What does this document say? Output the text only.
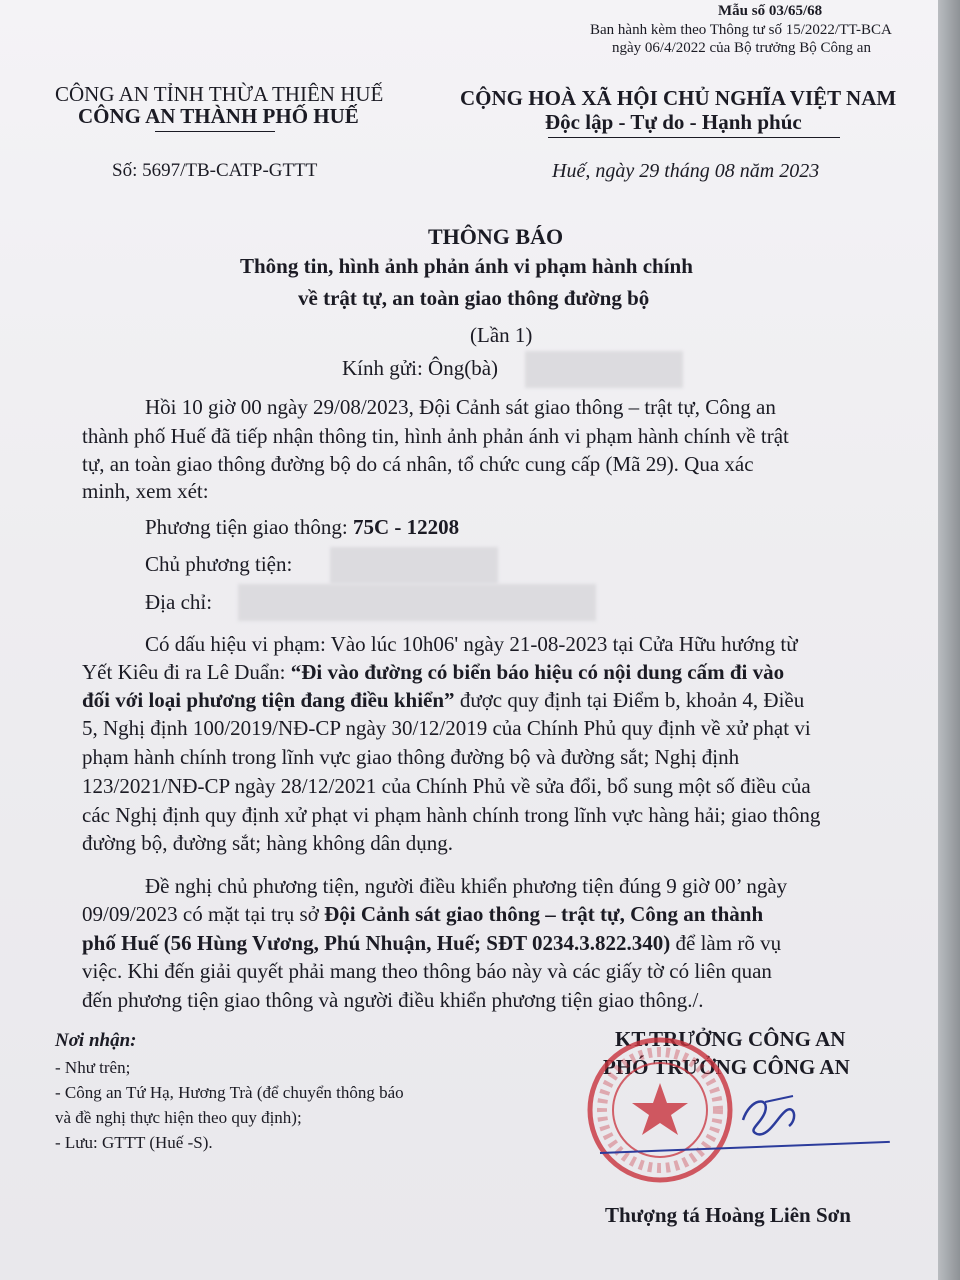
Mẫu số 03/65/68
Ban hành kèm theo Thông tư số 15/2022/TT-BCA
ngày 06/4/2022 của Bộ trưởng Bộ Công an
CÔNG AN TỈNH THỪA THIÊN HUẾ
CÔNG AN THÀNH PHỐ HUẾ
Số: 5697/TB-CATP-GTTT
CỘNG HOÀ XÃ HỘI CHỦ NGHĨA VIỆT NAM
Độc lập - Tự do - Hạnh phúc
Huế, ngày 29 tháng 08 năm 2023
THÔNG BÁO
Thông tin, hình ảnh phản ánh vi phạm hành chính
về trật tự, an toàn giao thông đường bộ
(Lần 1)
Kính gửi: Ông(bà)
Hồi 10 giờ 00 ngày 29/08/2023, Đội Cảnh sát giao thông – trật tự, Công an
thành phố Huế đã tiếp nhận thông tin, hình ảnh phản ánh vi phạm hành chính về trật
tự, an toàn giao thông đường bộ do cá nhân, tổ chức cung cấp (Mã 29). Qua xác
minh, xem xét:
Phương tiện giao thông: 75C - 12208
Chủ phương tiện:
Địa chỉ:
Có dấu hiệu vi phạm: Vào lúc 10h06' ngày 21-08-2023 tại Cửa Hữu hướng từ
Yết Kiêu đi ra Lê Duẩn: “Đi vào đường có biển báo hiệu có nội dung cấm đi vào
đối với loại phương tiện đang điều khiển” được quy định tại Điểm b, khoản 4, Điều
5, Nghị định 100/2019/NĐ-CP ngày 30/12/2019 của Chính Phủ quy định về xử phạt vi
phạm hành chính trong lĩnh vực giao thông đường bộ và đường sắt; Nghị định
123/2021/NĐ-CP ngày 28/12/2021 của Chính Phủ về sửa đổi, bổ sung một số điều của
các Nghị định quy định xử phạt vi phạm hành chính trong lĩnh vực hàng hải; giao thông
đường bộ, đường sắt; hàng không dân dụng.
Đề nghị chủ phương tiện, người điều khiển phương tiện đúng 9 giờ 00’ ngày
09/09/2023 có mặt tại trụ sở Đội Cảnh sát giao thông – trật tự, Công an thành
phố Huế (56 Hùng Vương, Phú Nhuận, Huế; SĐT 0234.3.822.340) để làm rõ vụ
việc. Khi đến giải quyết phải mang theo thông báo này và các giấy tờ có liên quan
đến phương tiện giao thông và người điều khiển phương tiện giao thông./.
Nơi nhận:
- Như trên;
- Công an Tứ Hạ, Hương Trà (để chuyển thông báo
và đề nghị thực hiện theo quy định);
- Lưu: GTTT (Huế -S).
KT.TRƯỞNG CÔNG AN
PHÓ TRƯỞNG CÔNG AN
Thượng tá Hoàng Liên Sơn
